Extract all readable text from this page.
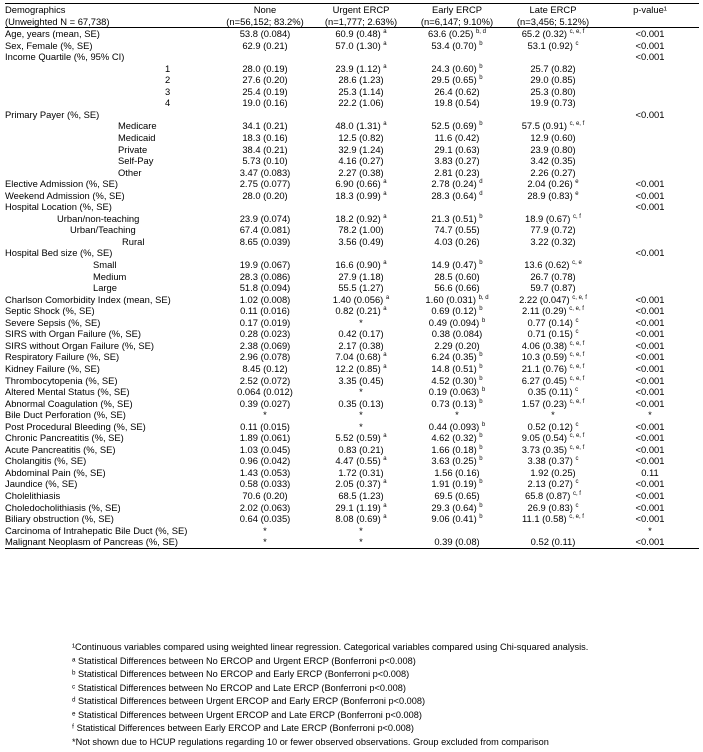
Demographics	None	Urgent ERCP	Early ERCP	Late ERCP	p-value¹
(Unweighted N = 67,738)	(n=56,152; 83.2%)	(n=1,777; 2.63%)	(n=6,147; 9.10%)	(n=3,456; 5.12%)	
Age, years (mean, SE)	53.8 (0.084)	60.9 (0.48) $^a$	63.6 (0.25) $^{b, d}$	65.2 (0.32) $^{c, e, f}$	<0.001
Sex, Female (%, SE)	62.9 (0.21)	57.0 (1.30) $^a$	53.4 (0.70) $^b$	53.1 (0.92) $^c$	<0.001
Income Quartile (%, 95% CI)					<0.001
1	28.0 (0.19)	23.9 (1.12) $^a$	24.3 (0.60) $^b$	25.7 (0.82)	
2	27.6 (0.20)	28.6 (1.23)	29.5 (0.65) $^b$	29.0 (0.85)	
3	25.4 (0.19)	25.3 (1.14)	26.4 (0.62)	25.3 (0.80)	
4	19.0 (0.16)	22.2 (1.06)	19.8 (0.54)	19.9 (0.73)	
Primary Payer (%, SE)					<0.001
Medicare	34.1 (0.21)	48.0 (1.31) $^a$	52.5 (0.69) $^b$	57.5 (0.91) $^{c, e, f}$	
Medicaid	18.3 (0.16)	12.5 (0.82)	11.6 (0.42)	12.9 (0.60)	
Private	38.4 (0.21)	32.9 (1.24)	29.1 (0.63)	23.9 (0.80)	
Self-Pay	5.73 (0.10)	4.16 (0.27)	3.83 (0.27)	3.42 (0.35)	
Other	3.47 (0.083)	2.27 (0.38)	2.81 (0.23)	2.26 (0.27)	
Elective Admission (%, SE)	2.75 (0.077)	6.90 (0.66) $^a$	2.78 (0.24) $^d$	2.04 (0.26) $^e$	<0.001
Weekend Admission (%, SE)	28.0 (0.20)	18.3 (0.99) $^a$	28.3 (0.64) $^d$	28.9 (0.83) $^e$	<0.001
Hospital Location (%, SE)					<0.001
Urban/non-teaching	23.9 (0.074)	18.2 (0.92) $^a$	21.3 (0.51) $^b$	18.9 (0.67) $^{c, f}$	
Urban/Teaching	67.4 (0.081)	78.2 (1.00)	74.7 (0.55)	77.9 (0.72)	
Rural	8.65 (0.039)	3.56 (0.49)	4.03 (0.26)	3.22 (0.32)	
Hospital Bed size (%, SE)					<0.001
Small	19.9 (0.067)	16.6 (0.90) $^a$	14.9 (0.47) $^b$	13.6 (0.62) $^{c, e}$	
Medium	28.3 (0.086)	27.9 (1.18)	28.5 (0.60)	26.7 (0.78)	
Large	51.8 (0.094)	55.5 (1.27)	56.6 (0.66)	59.7 (0.87)	
Charlson Comorbidity Index (mean, SE)	1.02 (0.008)	1.40 (0.056) $^a$	1.60 (0.031) $^{b, d}$	2.22 (0.047) $^{c, e, f}$	<0.001
Septic Shock (%, SE)	0.11 (0.016)	0.82 (0.21) $^a$	0.69 (0.12) $^b$	2.11 (0.29) $^{c, e, f}$	<0.001
Severe Sepsis (%, SE)	0.17 (0.019)	*	0.49 (0.094) $^b$	0.77 (0.14) $^c$	<0.001
SIRS with Organ Failure (%, SE)	0.28 (0.023)	0.42 (0.17)	0.38 (0.084)	0.71 (0.15) $^c$	<0.001
SIRS without Organ Failure (%, SE)	2.38 (0.069)	2.17 (0.38)	2.29 (0.20)	4.06 (0.38) $^{c, e, f}$	<0.001
Respiratory Failure (%, SE)	2.96 (0.078)	7.04 (0.68) $^a$	6.24 (0.35) $^b$	10.3 (0.59) $^{c, e, f}$	<0.001
Kidney Failure (%, SE)	8.45 (0.12)	12.2 (0.85) $^a$	14.8 (0.51) $^b$	21.1 (0.76) $^{c, e, f}$	<0.001
Thrombocytopenia (%, SE)	2.52 (0.072)	3.35 (0.45)	4.52 (0.30) $^b$	6.27 (0.45) $^{c, e, f}$	<0.001
Altered Mental Status (%, SE)	0.064 (0.012)	*	0.19 (0.063) $^b$	0.35 (0.11) $^c$	<0.001
Abnormal Coagulation (%, SE)	0.39 (0.027)	0.35 (0.13)	0.73 (0.13) $^b$	1.57 (0.23) $^{c, e, f}$	<0.001
Bile Duct Perforation (%, SE)	*	*	*	*	*
Post Procedural Bleeding (%, SE)	0.11 (0.015)	*	0.44 (0.093) $^b$	0.52 (0.12) $^c$	<0.001
Chronic Pancreatitis (%, SE)	1.89 (0.061)	5.52 (0.59) $^a$	4.62 (0.32) $^b$	9.05 (0.54) $^{c, e, f}$	<0.001
Acute Pancreatitis (%, SE)	1.03 (0.045)	0.83 (0.21)	1.66 (0.18) $^b$	3.73 (0.35) $^{c, e, f}$	<0.001
Cholangitis (%, SE)	0.96 (0.042)	4.47 (0.55) $^a$	3.63 (0.25) $^b$	3.38 (0.37) $^c$	<0.001
Abdominal Pain (%, SE)	1.43 (0.053)	1.72 (0.31)	1.56 (0.16)	1.92 (0.25)	0.11
Jaundice (%, SE)	0.58 (0.033)	2.05 (0.37) $^a$	1.91 (0.19) $^b$	2.13 (0.27) $^c$	<0.001
Cholelithiasis	70.6 (0.20)	68.5 (1.23)	69.5 (0.65)	65.8 (0.87) $^{c, f}$	<0.001
Choledocholithiasis (%, SE)	2.02 (0.063)	29.1 (1.19) $^a$	29.3 (0.64) $^b$	26.9 (0.83) $^c$	<0.001
Biliary obstruction (%, SE)	0.64 (0.035)	8.08 (0.69) $^a$	9.06 (0.41) $^b$	11.1 (0.58) $^{c, e, f}$	<0.001
Carcinoma of Intrahepatic Bile Duct (%, SE)	*	*			*
Malignant Neoplasm of Pancreas (%, SE)	*	*	0.39 (0.08)	0.52 (0.11)	<0.001
¹Continuous variables compared using weighted linear regression. Categorical variables compared using Chi-squared analysis.
ᵃ Statistical Differences between No ERCOP and Urgent ERCP (Bonferroni p<0.008)
ᵇ Statistical Differences between No ERCOP and Early ERCP (Bonferroni p<0.008)
ᶜ Statistical Differences between No ERCOP and Late ERCP (Bonferroni p<0.008)
ᵈ Statistical Differences between Urgent ERCOP and Early ERCP (Bonferroni p<0.008)
ᵉ Statistical Differences between Urgent ERCOP and Late ERCP (Bonferroni p<0.008)
ᶠ Statistical Differences between Early ERCOP and Late ERCP (Bonferroni p<0.008)
*Not shown due to HCUP regulations regarding 10 or fewer observed observations. Group excluded from comparison
